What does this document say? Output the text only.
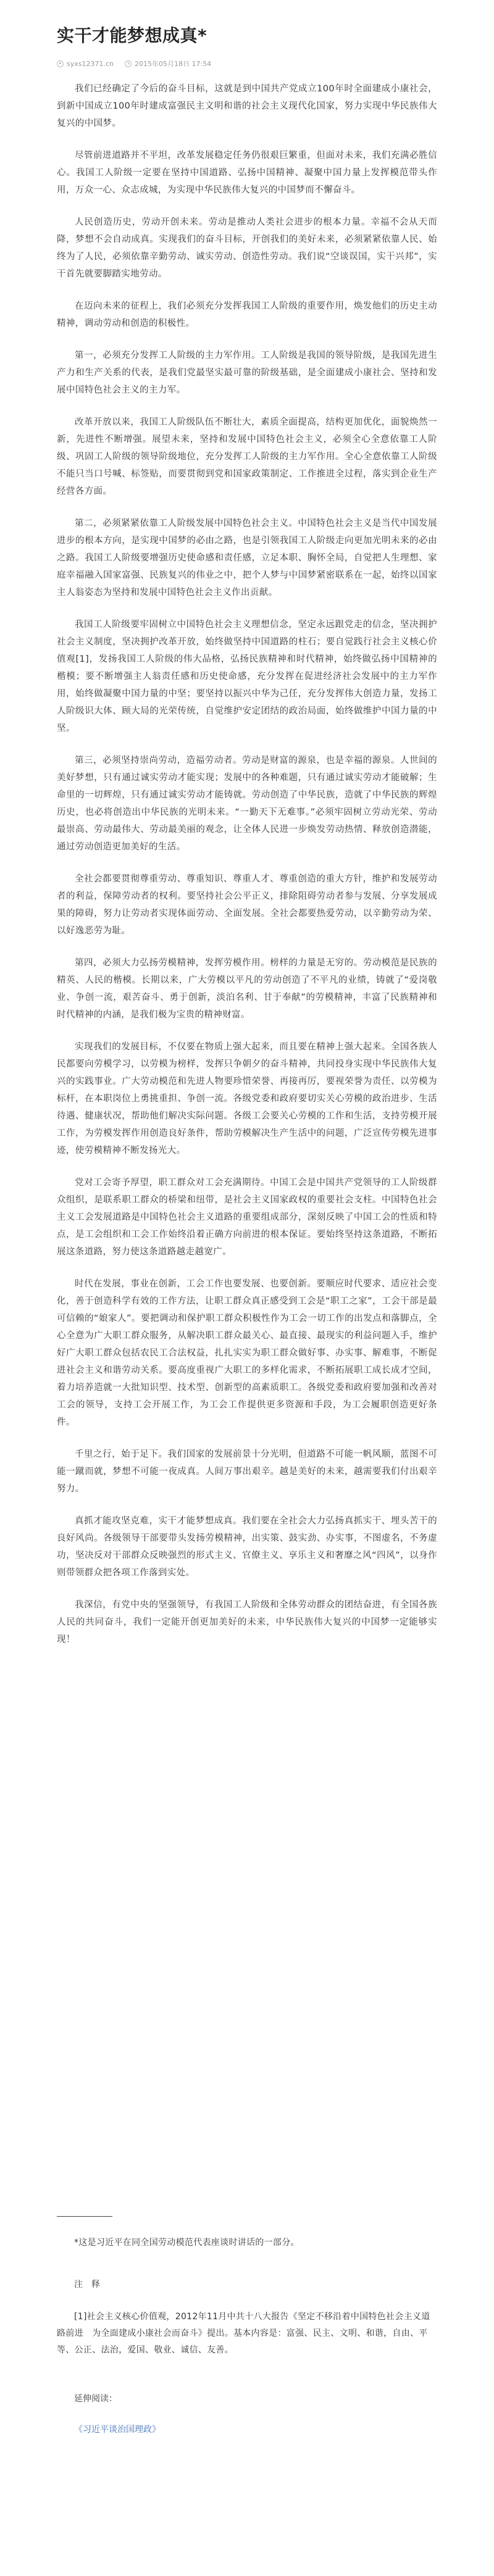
实干才能梦想成真*
syxs12371.cn	2015年05月18日 17:54

我们已经确定了今后的奋斗目标，这就是到中国共产党成立100年时全面建成小康社会，到新中国成立100年时建成富强民主文明和谐的社会主义现代化国家，努力实现中华民族伟大复兴的中国梦。

尽管前进道路并不平坦，改革发展稳定任务仍很艰巨繁重，但面对未来，我们充满必胜信心。我国工人阶级一定要在坚持中国道路、弘扬中国精神、凝聚中国力量上发挥模范带头作用，万众一心、众志成城，为实现中华民族伟大复兴的中国梦而不懈奋斗。

人民创造历史，劳动开创未来。劳动是推动人类社会进步的根本力量。幸福不会从天而降，梦想不会自动成真。实现我们的奋斗目标，开创我们的美好未来，必须紧紧依靠人民、始终为了人民，必须依靠辛勤劳动、诚实劳动、创造性劳动。我们说“空谈误国，实干兴邦”，实干首先就要脚踏实地劳动。

在迈向未来的征程上，我们必须充分发挥我国工人阶级的重要作用，焕发他们的历史主动精神，调动劳动和创造的积极性。

第一，必须充分发挥工人阶级的主力军作用。工人阶级是我国的领导阶级，是我国先进生产力和生产关系的代表，是我们党最坚实最可靠的阶级基础，是全面建成小康社会、坚持和发展中国特色社会主义的主力军。

改革开放以来，我国工人阶级队伍不断壮大，素质全面提高，结构更加优化，面貌焕然一新，先进性不断增强。展望未来，坚持和发展中国特色社会主义，必须全心全意依靠工人阶级、巩固工人阶级的领导阶级地位，充分发挥工人阶级的主力军作用。全心全意依靠工人阶级不能只当口号喊、标签贴，而要贯彻到党和国家政策制定、工作推进全过程，落实到企业生产经营各方面。

第二，必须紧紧依靠工人阶级发展中国特色社会主义。中国特色社会主义是当代中国发展进步的根本方向，是实现中国梦的必由之路，也是引领我国工人阶级走向更加光明未来的必由之路。我国工人阶级要增强历史使命感和责任感，立足本职、胸怀全局，自觉把人生理想、家庭幸福融入国家富强、民族复兴的伟业之中，把个人梦与中国梦紧密联系在一起，始终以国家主人翁姿态为坚持和发展中国特色社会主义作出贡献。

我国工人阶级要牢固树立中国特色社会主义理想信念，坚定永远跟党走的信念，坚决拥护社会主义制度，坚决拥护改革开放，始终做坚持中国道路的柱石；要自觉践行社会主义核心价值观[1]，发扬我国工人阶级的伟大品格，弘扬民族精神和时代精神，始终做弘扬中国精神的楷模；要不断增强主人翁责任感和历史使命感，充分发挥在促进经济社会发展中的主力军作用，始终做凝聚中国力量的中坚；要坚持以振兴中华为己任，充分发挥伟大创造力量，发扬工人阶级识大体、顾大局的光荣传统，自觉维护安定团结的政治局面，始终做维护中国力量的中坚。

第三，必须坚持崇尚劳动，造福劳动者。劳动是财富的源泉，也是幸福的源泉。人世间的美好梦想，只有通过诚实劳动才能实现；发展中的各种难题，只有通过诚实劳动才能破解；生命里的一切辉煌，只有通过诚实劳动才能铸就。劳动创造了中华民族，造就了中华民族的辉煌历史，也必将创造出中华民族的光明未来。“一勤天下无难事。”必须牢固树立劳动光荣、劳动最崇高、劳动最伟大、劳动最美丽的观念，让全体人民进一步焕发劳动热情、释放创造潜能，通过劳动创造更加美好的生活。

全社会都要贯彻尊重劳动、尊重知识、尊重人才、尊重创造的重大方针，维护和发展劳动者的利益，保障劳动者的权利。要坚持社会公平正义，排除阻碍劳动者参与发展、分享发展成果的障碍，努力让劳动者实现体面劳动、全面发展。全社会都要热爱劳动，以辛勤劳动为荣、以好逸恶劳为耻。

第四，必须大力弘扬劳模精神，发挥劳模作用。榜样的力量是无穷的。劳动模范是民族的精英、人民的楷模。长期以来，广大劳模以平凡的劳动创造了不平凡的业绩，铸就了“爱岗敬业、争创一流，艰苦奋斗、勇于创新，淡泊名利、甘于奉献”的劳模精神，丰富了民族精神和时代精神的内涵，是我们极为宝贵的精神财富。

实现我们的发展目标，不仅要在物质上强大起来，而且要在精神上强大起来。全国各族人民都要向劳模学习，以劳模为榜样，发挥只争朝夕的奋斗精神，共同投身实现中华民族伟大复兴的实践事业。广大劳动模范和先进人物要珍惜荣誉、再接再厉，要视荣誉为责任、以劳模为标杆，在本职岗位上勇挑重担、争创一流。各级党委和政府要切实关心劳模的政治进步、生活待遇、健康状况，帮助他们解决实际问题。各级工会要关心劳模的工作和生活，支持劳模开展工作，为劳模发挥作用创造良好条件，帮助劳模解决生产生活中的问题，广泛宣传劳模先进事迹，使劳模精神不断发扬光大。

党对工会寄予厚望，职工群众对工会充满期待。中国工会是中国共产党领导的工人阶级群众组织，是联系职工群众的桥梁和纽带，是社会主义国家政权的重要社会支柱。中国特色社会主义工会发展道路是中国特色社会主义道路的重要组成部分，深刻反映了中国工会的性质和特点，是工会组织和工会工作始终沿着正确方向前进的根本保证。要始终坚持这条道路，不断拓展这条道路，努力使这条道路越走越宽广。

时代在发展，事业在创新，工会工作也要发展、也要创新。要顺应时代要求、适应社会变化，善于创造科学有效的工作方法，让职工群众真正感受到工会是“职工之家”，工会干部是最可信赖的“娘家人”。要把调动和保护职工群众积极性作为工会一切工作的出发点和落脚点，全心全意为广大职工群众服务，从解决职工群众最关心、最直接、最现实的利益问题入手，维护好广大职工群众包括农民工合法权益，扎扎实实为职工群众做好事、办实事、解难事，不断促进社会主义和谐劳动关系。要高度重视广大职工的多样化需求，不断拓展职工成长成才空间，着力培养造就一大批知识型、技术型、创新型的高素质职工。各级党委和政府要加强和改善对工会的领导，支持工会开展工作，为工会工作提供更多资源和手段，为工会履职创造更好条件。

千里之行，始于足下。我们国家的发展前景十分光明，但道路不可能一帆风顺，蓝图不可能一蹴而就，梦想不可能一夜成真。人间万事出艰辛。越是美好的未来，越需要我们付出艰辛努力。

真抓才能攻坚克难，实干才能梦想成真。我们要在全社会大力弘扬真抓实干、埋头苦干的良好风尚。各级领导干部要带头发扬劳模精神，出实策、鼓实劲、办实事，不图虚名，不务虚功，坚决反对干部群众反映强烈的形式主义、官僚主义、享乐主义和奢靡之风“四风”，以身作则带领群众把各项工作落到实处。

我深信，有党中央的坚强领导，有我国工人阶级和全体劳动群众的团结奋进，有全国各族人民的共同奋斗，我们一定能开创更加美好的未来，中华民族伟大复兴的中国梦一定能够实现！

*这是习近平在同全国劳动模范代表座谈时讲话的一部分。
注　释
[1]社会主义核心价值观，2012年11月中共十八大报告《坚定不移沿着中国特色社会主义道路前进　为全面建成小康社会而奋斗》提出。基本内容是：富强、民主、文明、和谐，自由、平等、公正、法治，爱国、敬业、诚信、友善。
延伸阅读：
《习近平谈治国理政》
